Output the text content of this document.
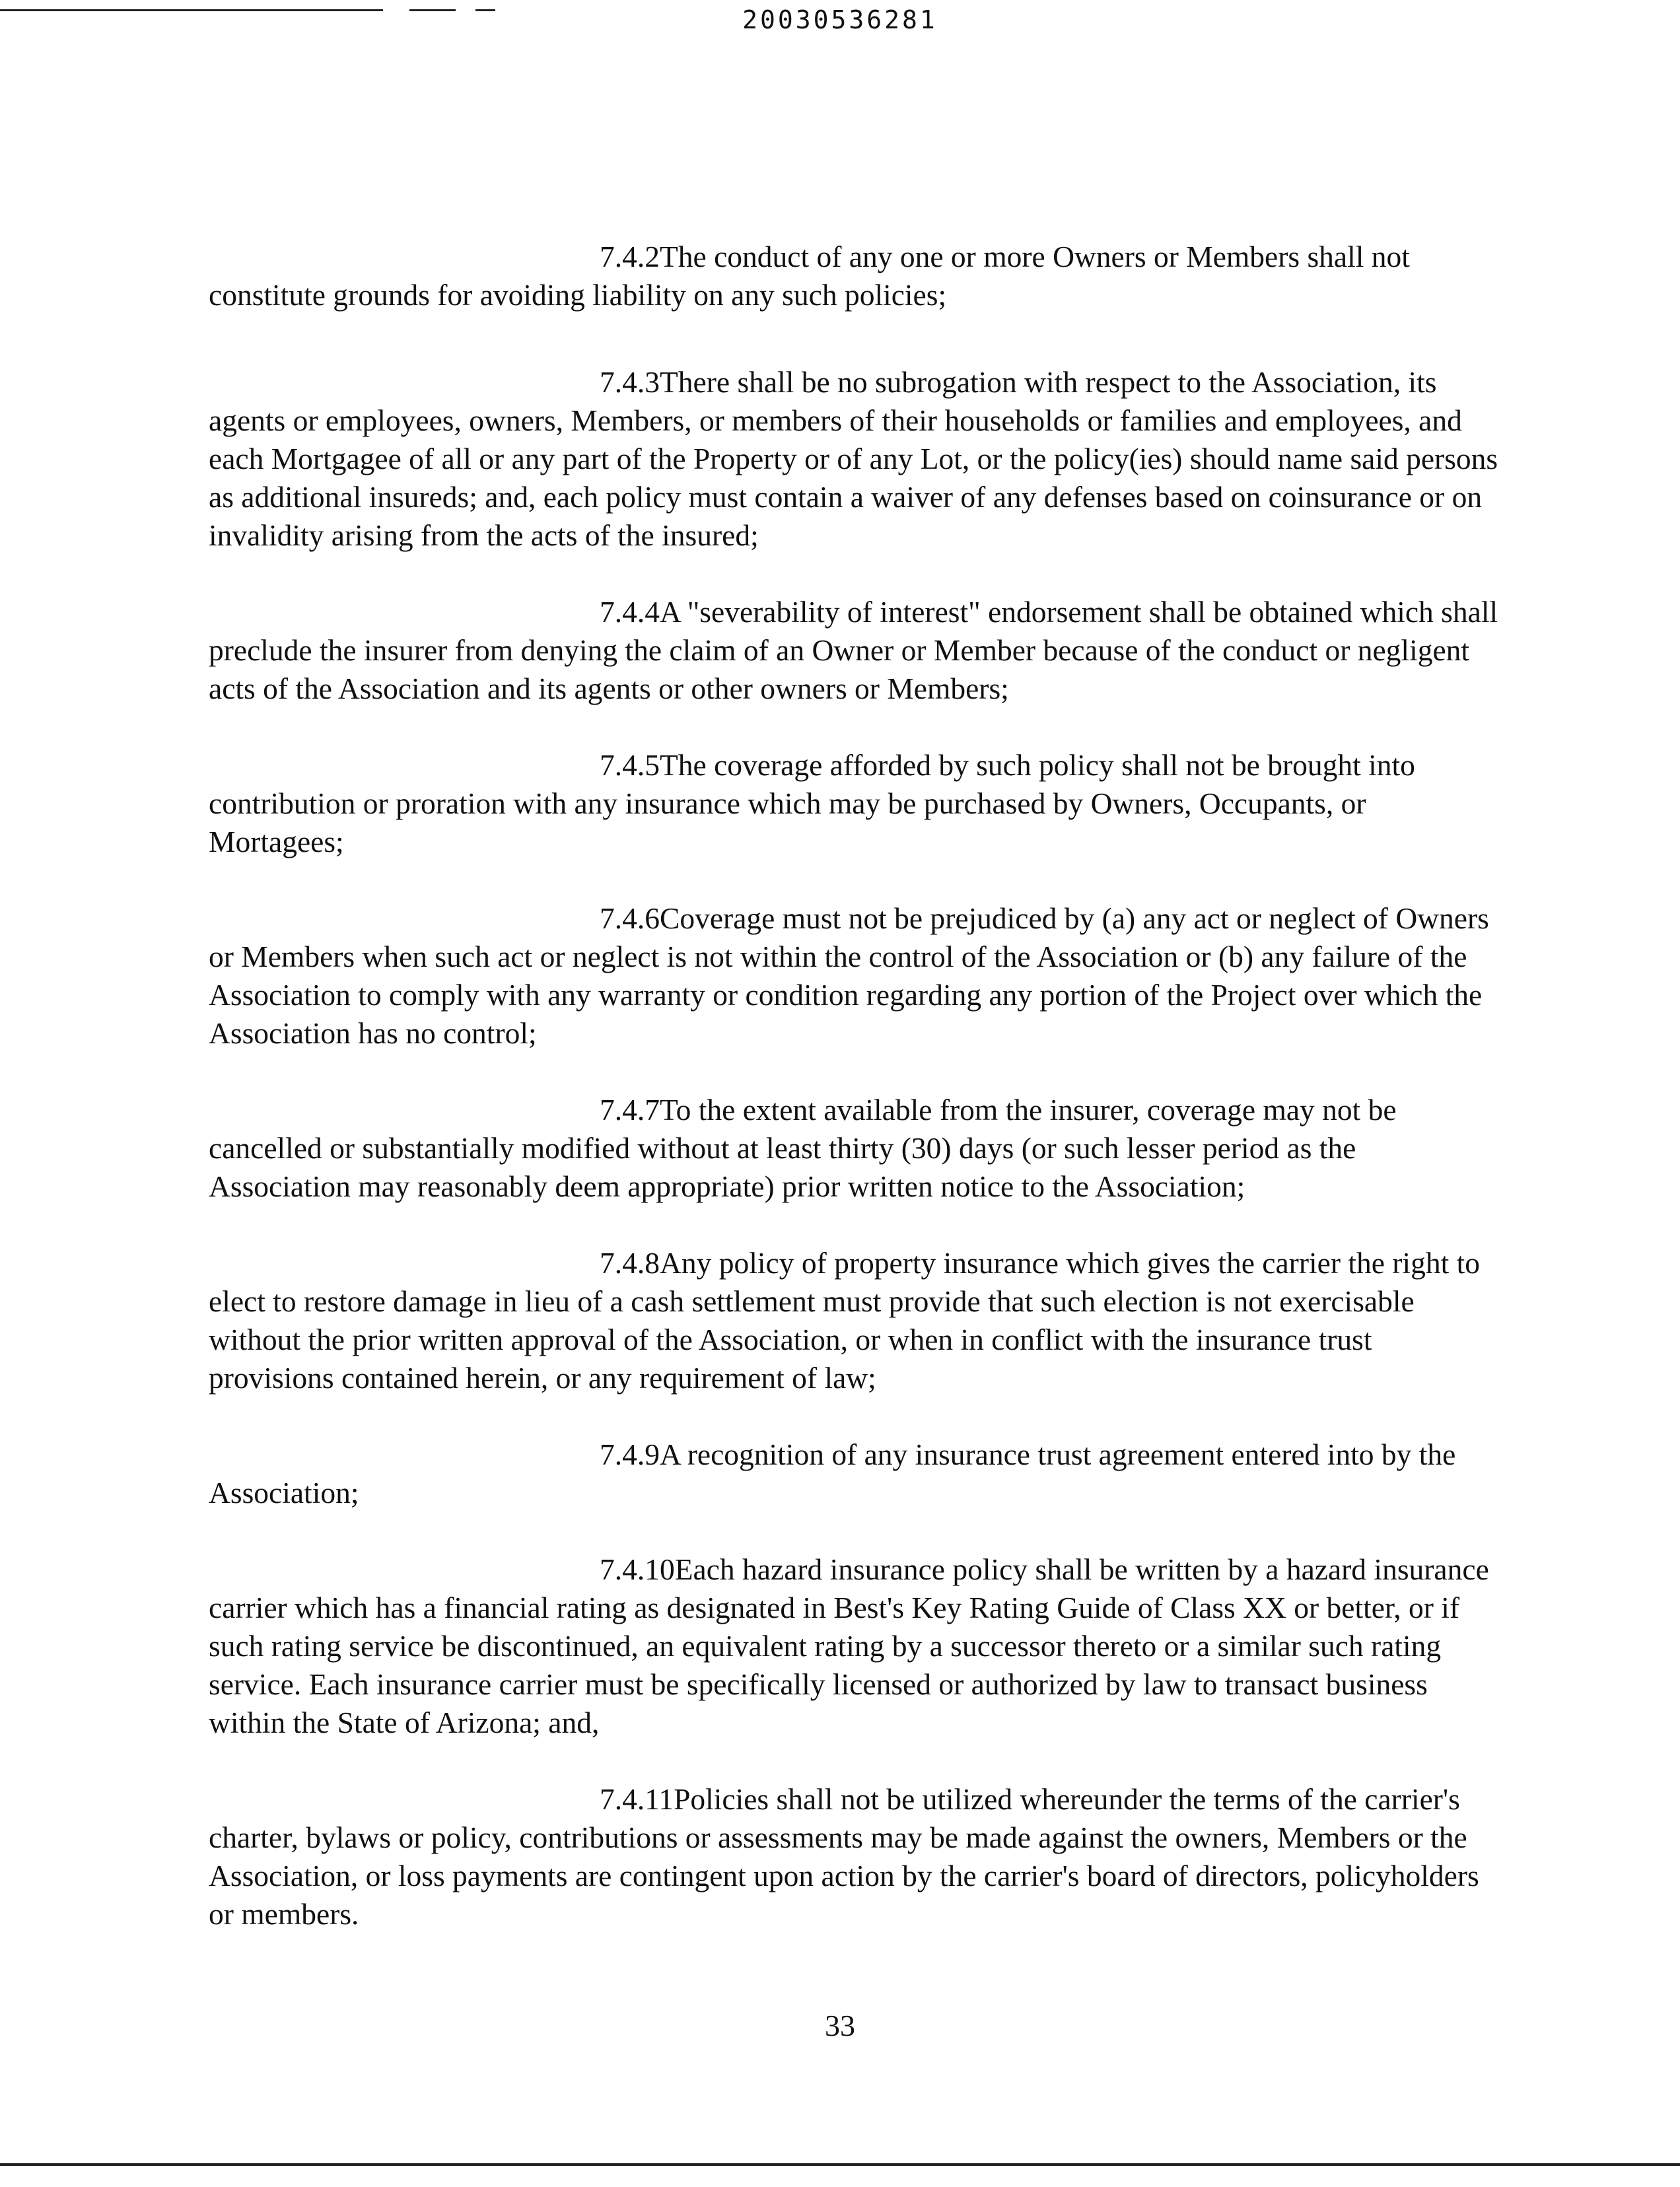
20030536281

7.4.2The conduct of any one or more Owners or Members shall not constitute grounds for avoiding liability on any such policies;

7.4.3There shall be no subrogation with respect to the Association, its agents or employees, owners, Members, or members of their households or families and employees, and each Mortgagee of all or any part of the Property or of any Lot, or the policy(ies) should name said persons as additional insureds; and, each policy must contain a waiver of any defenses based on coinsurance or on invalidity arising from the acts of the insured;

7.4.4A "severability of interest" endorsement shall be obtained which shall preclude the insurer from denying the claim of an Owner or Member because of the conduct or negligent acts of the Association and its agents or other owners or Members;

7.4.5The coverage afforded by such policy shall not be brought into contribution or proration with any insurance which may be purchased by Owners, Occupants, or Mortagees;

7.4.6Coverage must not be prejudiced by (a) any act or neglect of Owners or Members when such act or neglect is not within the control of the Association or (b) any failure of the Association to comply with any warranty or condition regarding any portion of the Project over which the Association has no control;

7.4.7To the extent available from the insurer, coverage may not be cancelled or substantially modified without at least thirty (30) days (or such lesser period as the Association may reasonably deem appropriate) prior written notice to the Association;

7.4.8Any policy of property insurance which gives the carrier the right to elect to restore damage in lieu of a cash settlement must provide that such election is not exercisable without the prior written approval of the Association, or when in conflict with the insurance trust provisions contained herein, or any requirement of law;

7.4.9A recognition of any insurance trust agreement entered into by the Association;

7.4.10Each hazard insurance policy shall be written by a hazard insurance carrier which has a financial rating as designated in Best's Key Rating Guide of Class XX or better, or if such rating service be discontinued, an equivalent rating by a successor thereto or a similar such rating service. Each insurance carrier must be specifically licensed or authorized by law to transact business within the State of Arizona; and,

7.4.11Policies shall not be utilized whereunder the terms of the carrier's charter, bylaws or policy, contributions or assessments may be made against the owners, Members or the Association, or loss payments are contingent upon action by the carrier's board of directors, policyholders or members.

33
